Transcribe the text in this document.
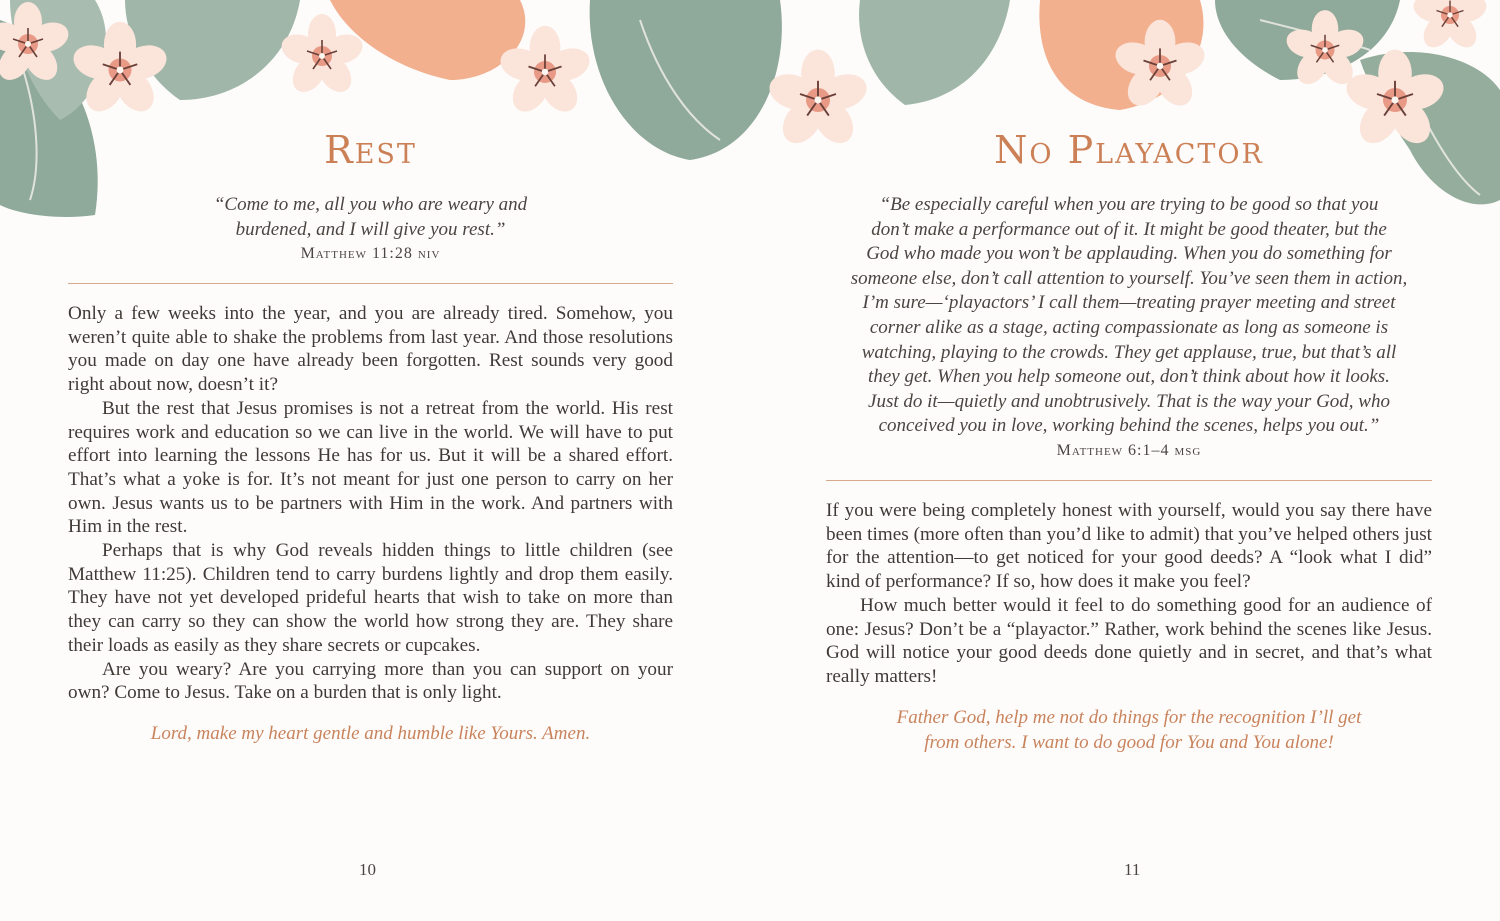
Rest
“Come to me, all you who are weary and
burdened, and I will give you rest.”
Matthew 11:28 niv

Only a few weeks into the year, and you are already tired. Somehow, you weren’t quite able to shake the problems from last year. And those resolutions you made on day one have already been forgotten. Rest sounds very good right about now, doesn’t it?

But the rest that Jesus promises is not a retreat from the world. His rest requires work and education so we can live in the world. We will have to put effort into learning the lessons He has for us. But it will be a shared effort. That’s what a yoke is for. It’s not meant for just one person to carry on her own. Jesus wants us to be partners with Him in the work. And partners with Him in the rest.

Perhaps that is why God reveals hidden things to little children (see Matthew 11:25). Children tend to carry burdens lightly and drop them easily. They have not yet developed prideful hearts that wish to take on more than they can carry so they can show the world how strong they are. They share their loads as easily as they share secrets or cupcakes.

Are you weary? Are you carrying more than you can support on your own? Come to Jesus. Take on a burden that is only light.

Lord, make my heart gentle and humble like Yours. Amen.
10
No Playactor
“Be especially careful when you are trying to be good so that you
don’t make a performance out of it. It might be good theater, but the
God who made you won’t be applauding. When you do something for
someone else, don’t call attention to yourself. You’ve seen them in action,
I’m sure—‘playactors’ I call them—treating prayer meeting and street
corner alike as a stage, acting compassionate as long as someone is
watching, playing to the crowds. They get applause, true, but that’s all
they get. When you help someone out, don’t think about how it looks.
Just do it—quietly and unobtrusively. That is the way your God, who
conceived you in love, working behind the scenes, helps you out.”
Matthew 6:1–4 msg

If you were being completely honest with yourself, would you say there have been times (more often than you’d like to admit) that you’ve helped others just for the attention—to get noticed for your good deeds? A “look what I did” kind of performance? If so, how does it make you feel?

How much better would it feel to do something good for an audience of one: Jesus? Don’t be a “playactor.” Rather, work behind the scenes like Jesus. God will notice your good deeds done quietly and in secret, and that’s what really matters!

Father God, help me not do things for the recognition I’ll get
from others. I want to do good for You and You alone!
11
